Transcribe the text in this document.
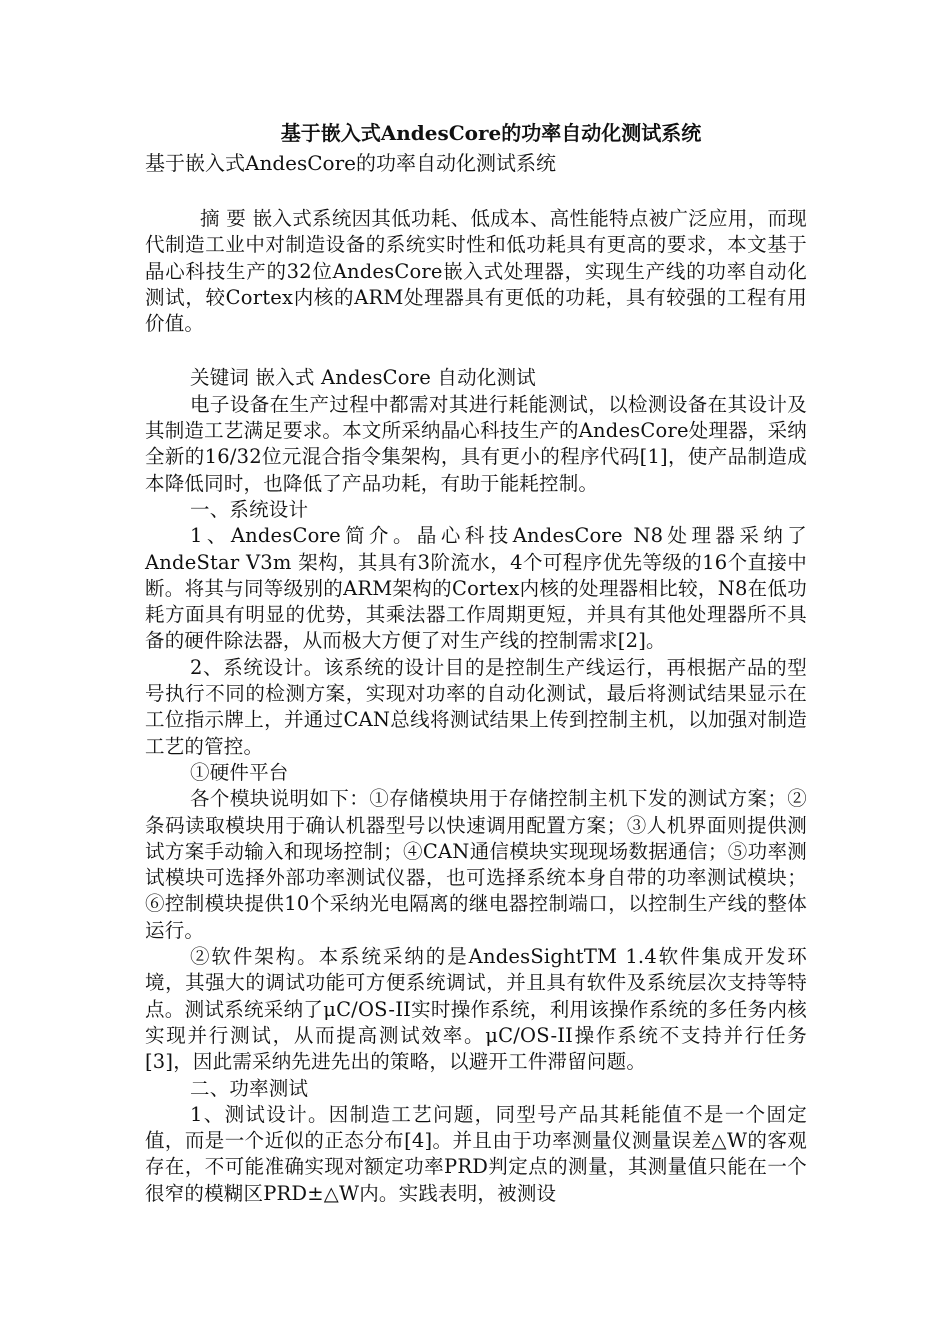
基于嵌入式AndesCore的功率自动化测试系统
基于嵌入式AndesCore的功率自动化测试系统

摘 要 嵌入式系统因其低功耗、低成本、高性能特点被广泛应用，而现代制造工业中对制造设备的系统实时性和低功耗具有更高的要求，本文基于晶心科技生产的32位AndesCore嵌入式处理器，实现生产线的功率自动化测试，较Cortex内核的ARM处理器具有更低的功耗，具有较强的工程有用价值。

关键词 嵌入式 AndesCore 自动化测试

电子设备在生产过程中都需对其进行耗能测试，以检测设备在其设计及其制造工艺满足要求。本文所采纳晶心科技生产的AndesCore处理器，采纳全新的16/32位元混合指令集架构，具有更小的程序代码[1]，使产品制造成本降低同时，也降低了产品功耗，有助于能耗控制。

一、系统设计

1、AndesCore简介。晶心科技AndesCore N8处理器采纳了AndeStar V3m 架构，其具有3阶流水，4个可程序优先等级的16个直接中断。将其与同等级别的ARM架构的Cortex内核的处理器相比较，N8在低功耗方面具有明显的优势，其乘法器工作周期更短，并具有其他处理器所不具备的硬件除法器，从而极大方便了对生产线的控制需求[2]。

2、系统设计。该系统的设计目的是控制生产线运行，再根据产品的型号执行不同的检测方案，实现对功率的自动化测试，最后将测试结果显示在工位指示牌上，并通过CAN总线将测试结果上传到控制主机，以加强对制造工艺的管控。

①硬件平台

各个模块说明如下：①存储模块用于存储控制主机下发的测试方案；②条码读取模块用于确认机器型号以快速调用配置方案；③人机界面则提供测试方案手动输入和现场控制；④CAN通信模块实现现场数据通信；⑤功率测试模块可选择外部功率测试仪器，也可选择系统本身自带的功率测试模块；⑥控制模块提供10个采纳光电隔离的继电器控制端口，以控制生产线的整体运行。

②软件架构。本系统采纳的是AndesSightTM 1.4软件集成开发环境，其强大的调试功能可方便系统调试，并且具有软件及系统层次支持等特点。测试系统采纳了μC/OS-II实时操作系统，利用该操作系统的多任务内核实现并行测试，从而提高测试效率。μC/OS-II操作系统不支持并行任务[3]，因此需采纳先进先出的策略，以避开工件滞留问题。

二、功率测试

1、测试设计。因制造工艺问题，同型号产品其耗能值不是一个固定值，而是一个近似的正态分布[4]。并且由于功率测量仪测量误差△W的客观存在，不可能准确实现对额定功率PRD判定点的测量，其测量值只能在一个很窄的模糊区PRD±△W内。实践表明，被测设
